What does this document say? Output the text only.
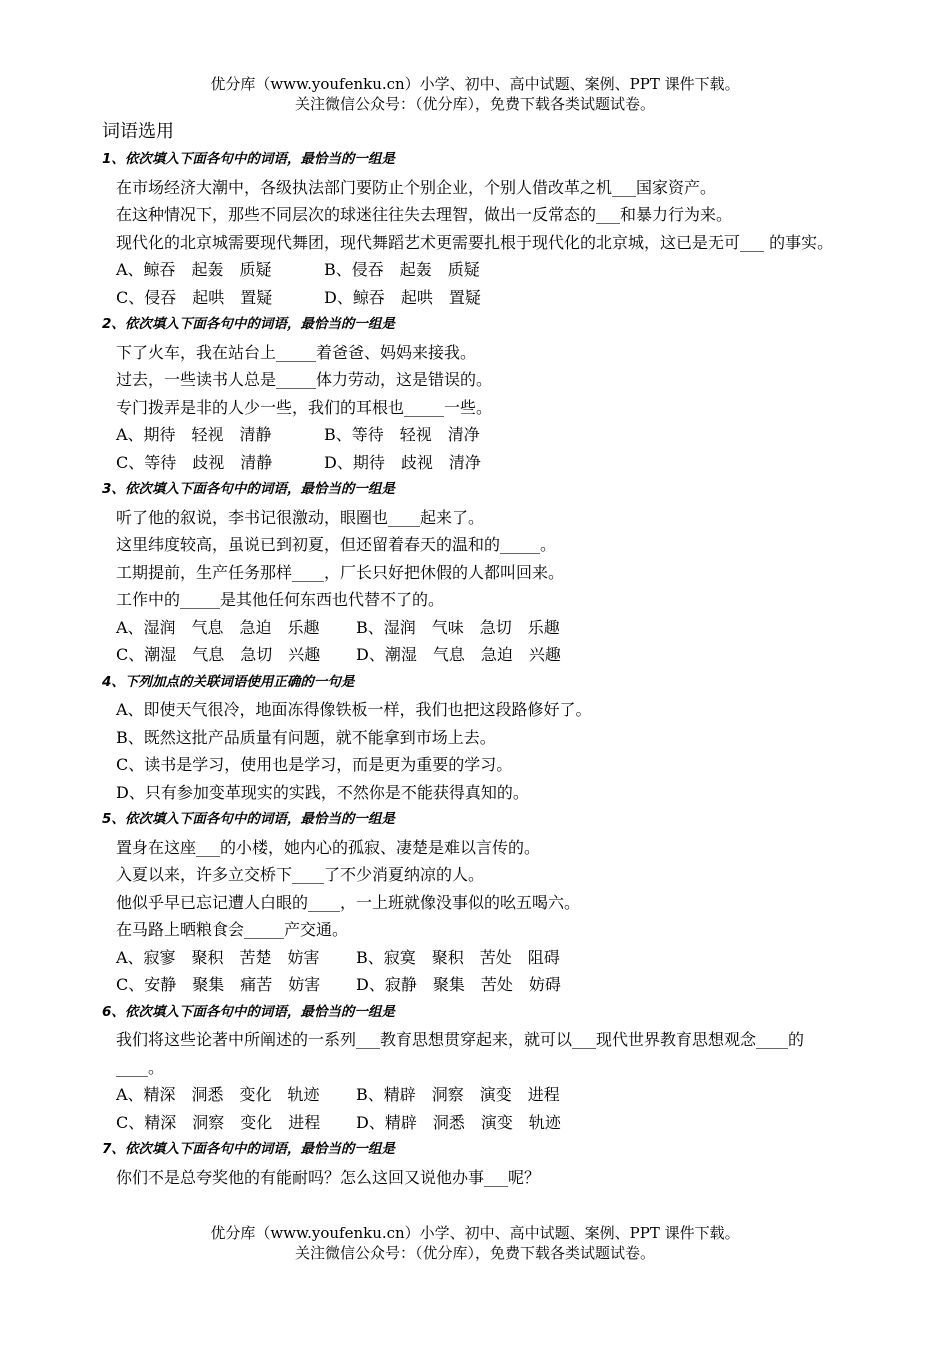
优分库（www.youfenku.cn）小学、初中、高中试题、案例、PPT 课件下载。
关注微信公众号：（优分库），免费下载各类试题试卷。
词语选用
1、依次填入下面各句中的词语，最恰当的一组是
在市场经济大潮中，各级执法部门要防止个别企业，个别人借改革之机___国家资产。
在这种情况下，那些不同层次的球迷往往失去理智，做出一反常态的___和暴力行为来。
现代化的北京城需要现代舞团，现代舞蹈艺术更需要扎根于现代化的北京城，这已是无可___ 的事实。
A、鲸吞　起轰　质疑	B、侵吞　起轰　质疑
C、侵吞　起哄　置疑	D、鲸吞　起哄　置疑
2、依次填入下面各句中的词语，最恰当的一组是
下了火车，我在站台上_____着爸爸、妈妈来接我。
过去，一些读书人总是_____体力劳动，这是错误的。
专门拨弄是非的人少一些，我们的耳根也_____一些。
A、期待　轻视　清静	B、等待　轻视　清净
C、等待　歧视　清静	D、期待　歧视　清净
3、依次填入下面各句中的词语，最恰当的一组是
听了他的叙说，李书记很激动，眼圈也____起来了。
这里纬度较高，虽说已到初夏，但还留着春天的温和的_____。
工期提前，生产任务那样____，厂长只好把休假的人都叫回来。
工作中的_____是其他任何东西也代替不了的。
A、湿润　气息　急迫　乐趣	B、湿润　气味　急切　乐趣
C、潮湿　气息　急切　兴趣	D、潮湿　气息　急迫　兴趣
4、下列加点的关联词语使用正确的一句是
A、即使天气很冷，地面冻得像铁板一样，我们也把这段路修好了。
B、既然这批产品质量有问题，就不能拿到市场上去。
C、读书是学习，使用也是学习，而是更为重要的学习。
D、只有参加变革现实的实践，不然你是不能获得真知的。
5、依次填入下面各句中的词语，最恰当的一组是
置身在这座___的小楼，她内心的孤寂、凄楚是难以言传的。
入夏以来，许多立交桥下____了不少消夏纳凉的人。
他似乎早已忘记遭人白眼的____，一上班就像没事似的吆五喝六。
在马路上晒粮食会_____产交通。
A、寂寥　聚积　苦楚　妨害	B、寂寞　聚积　苦处　阻碍
C、安静　聚集　痛苦　妨害	D、寂静　聚集　苦处　妨碍
6、依次填入下面各句中的词语，最恰当的一组是
我们将这些论著中所阐述的一系列___教育思想贯穿起来，就可以___现代世界教育思想观念____的____。
A、精深　洞悉　变化　轨迹	B、精辟　洞察　演变　进程
C、精深　洞察　变化　进程	D、精辟　洞悉　演变　轨迹
7、依次填入下面各句中的词语，最恰当的一组是
你们不是总夸奖他的有能耐吗？怎么这回又说他办事___呢？
优分库（www.youfenku.cn）小学、初中、高中试题、案例、PPT 课件下载。
关注微信公众号：（优分库），免费下载各类试题试卷。
